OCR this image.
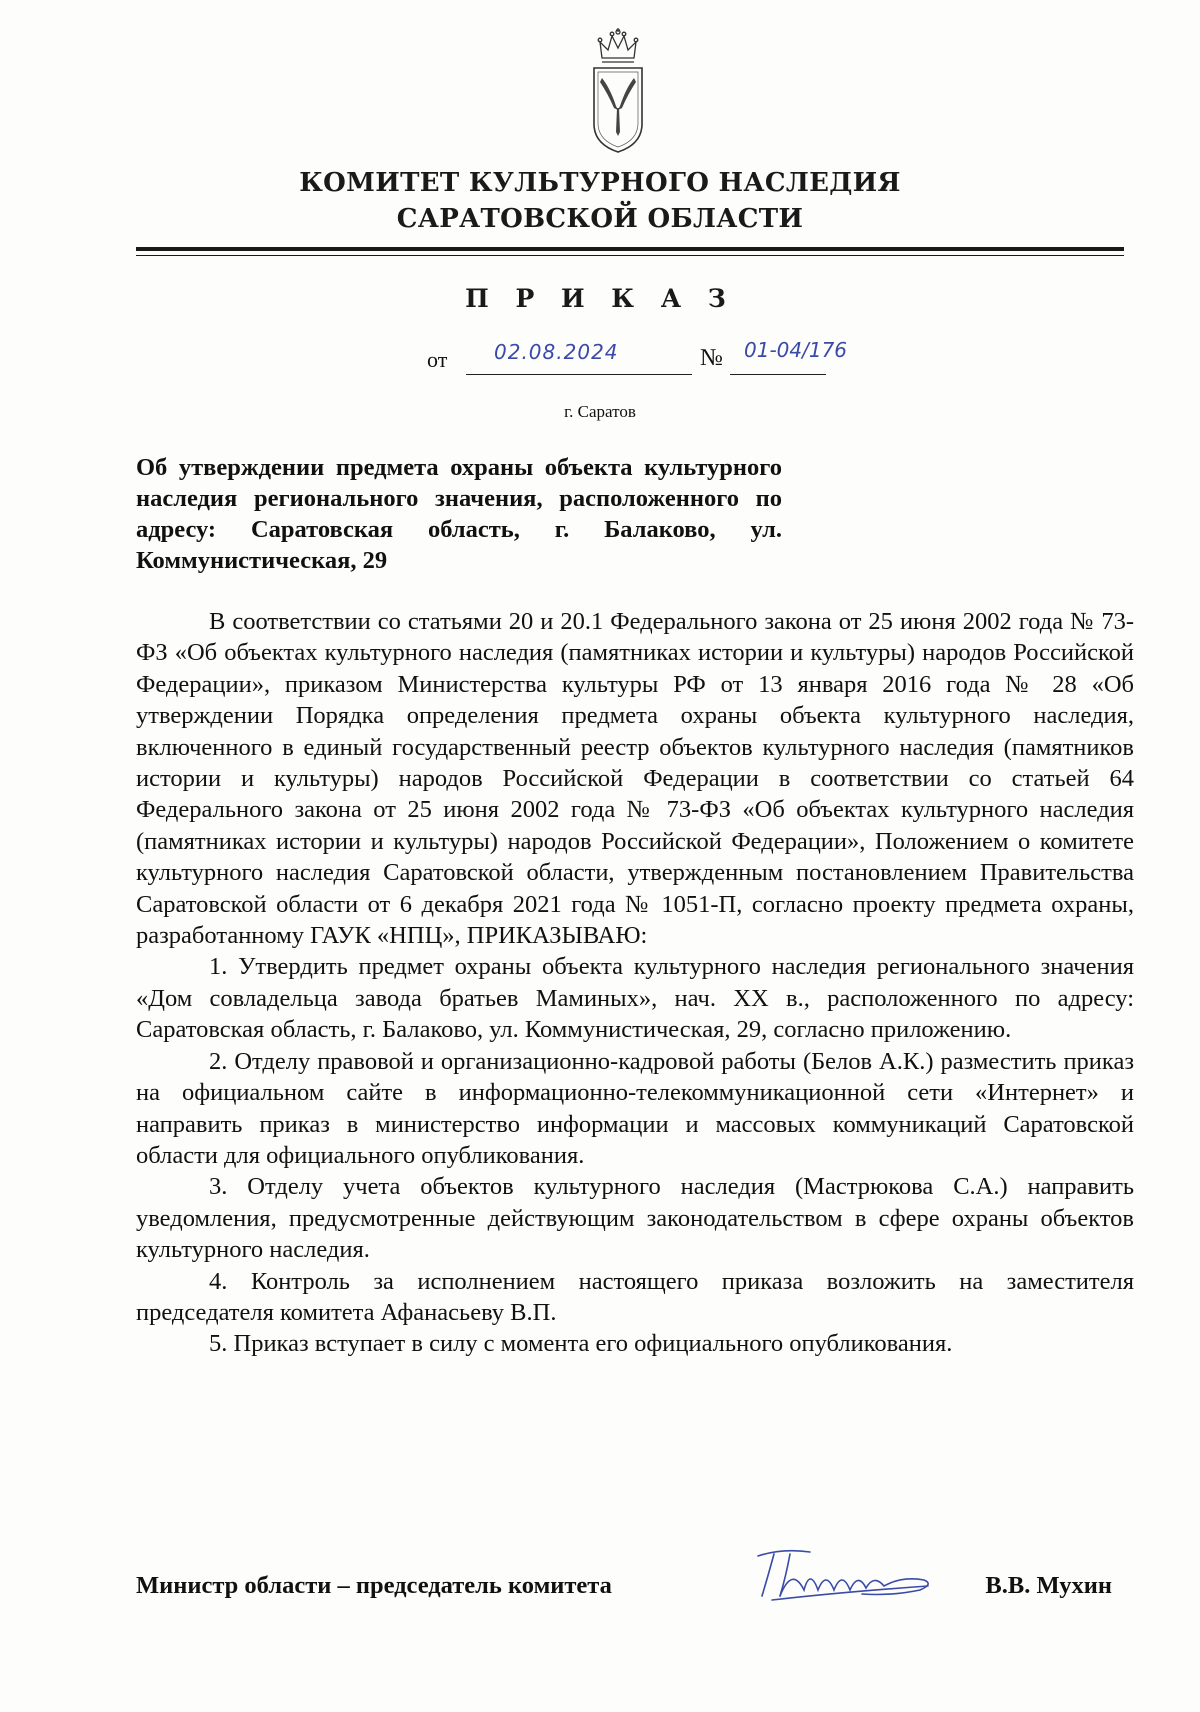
КОМИТЕТ КУЛЬТУРНОГО НАСЛЕДИЯ
САРАТОВСКОЙ ОБЛАСТИ
П Р И К А З
от 02.08.2024	№ 01-04/176
г. Саратов

Об утверждении предмета охраны объекта культурного наследия регионального значения, расположенного по адресу: Саратовская область, г. Балаково, ул. Коммунистическая, 29

В соответствии со статьями 20 и 20.1 Федерального закона от 25 июня 2002 года № 73-ФЗ «Об объектах культурного наследия (памятниках истории и культуры) народов Российской Федерации», приказом Министерства культуры РФ от 13 января 2016 года № 28 «Об утверждении Порядка определения предмета охраны объекта культурного наследия, включенного в единый государственный реестр объектов культурного наследия (памятников истории и культуры) народов Российской Федерации в соответствии со статьей 64 Федерального закона от 25 июня 2002 года № 73-ФЗ «Об объектах культурного наследия (памятниках истории и культуры) народов Российской Федерации», Положением о комитете культурного наследия Саратовской области, утвержденным постановлением Правительства Саратовской области от 6 декабря 2021 года № 1051-П, согласно проекту предмета охраны, разработанному ГАУК «НПЦ», ПРИКАЗЫВАЮ:

1. Утвердить предмет охраны объекта культурного наследия регионального значения «Дом совладельца завода братьев Маминых», нач. XX в., расположенного по адресу: Саратовская область, г. Балаково, ул. Коммунистическая, 29, согласно приложению.

2. Отделу правовой и организационно-кадровой работы (Белов А.К.) разместить приказ на официальном сайте в информационно-телекоммуникационной сети «Интернет» и направить приказ в министерство информации и массовых коммуникаций Саратовской области для официального опубликования.

3. Отделу учета объектов культурного наследия (Мастрюкова С.А.) направить уведомления, предусмотренные действующим законодательством в сфере охраны объектов культурного наследия.

4. Контроль за исполнением настоящего приказа возложить на заместителя председателя комитета Афанасьеву В.П.

5. Приказ вступает в силу с момента его официального опубликования.

Министр области – председатель комитета	В.В. Мухин
